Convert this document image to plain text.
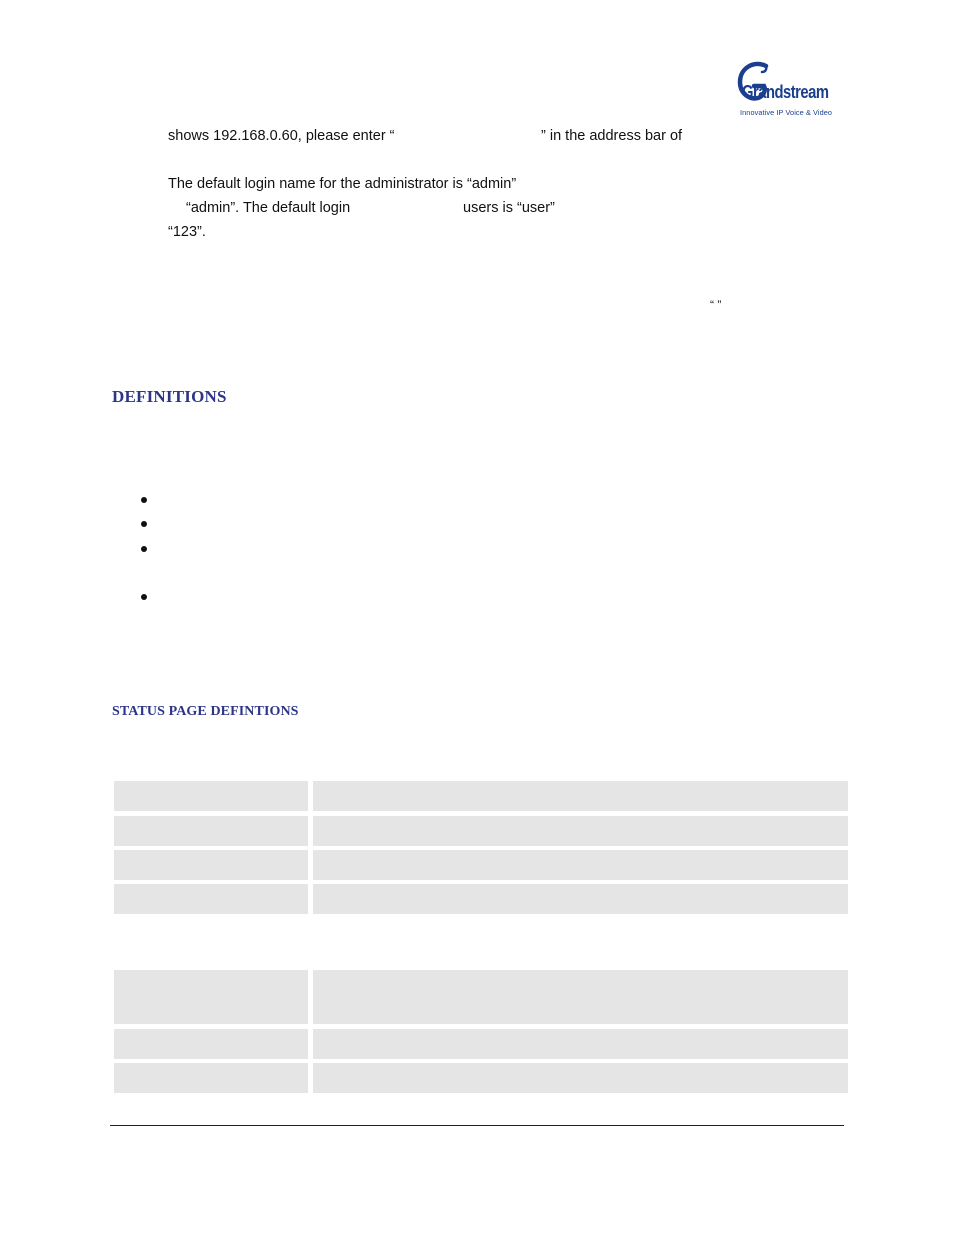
Grandstream
Innovative IP Voice & Video
shows 192.168.0.60, please enter “	” in the address bar of
The default login name for the administrator is “admin”
“admin”. The default login	users is “user”
“123”.
“ ”
DEFINITIONS
STATUS PAGE DEFINTIONS
